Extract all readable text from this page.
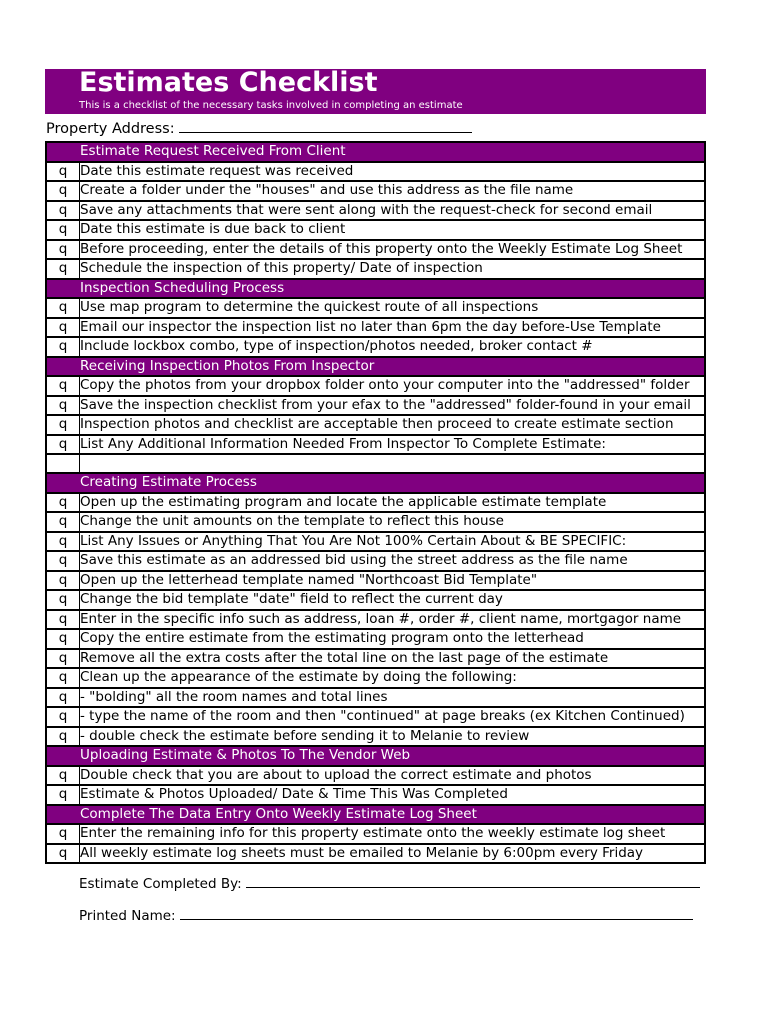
Estimates Checklist
This is a checklist of the necessary tasks involved in completing an estimate
Property Address:
Estimate Request Received From Client
q Date this estimate request was received
q Create a folder under the "houses" and use this address as the file name
q Save any attachments that were sent along with the request-check for second email
q Date this estimate is due back to client
q Before proceeding, enter the details of this property onto the Weekly Estimate Log Sheet
q Schedule the inspection of this property/ Date of inspection
Inspection Scheduling Process
q Use map program to determine the quickest route of all inspections
q Email our inspector the inspection list no later than 6pm the day before-Use Template
q Include lockbox combo, type of inspection/photos needed, broker contact #
Receiving Inspection Photos From Inspector
q Copy the photos from your dropbox folder onto your computer into the "addressed" folder
q Save the inspection checklist from your efax to the "addressed" folder-found in your email
q Inspection photos and checklist are acceptable then proceed to create estimate section
q List Any Additional Information Needed From Inspector To Complete Estimate:
Creating Estimate Process
q Open up the estimating program and locate the applicable estimate template
q Change the unit amounts on the template to reflect this house
q List Any Issues or Anything That You Are Not 100% Certain About & BE SPECIFIC:
q Save this estimate as an addressed bid using the street address as the file name
q Open up the letterhead template named "Northcoast Bid Template"
q Change the bid template "date" field to reflect the current day
q Enter in the specific info such as address, loan #, order #, client name, mortgagor name
q Copy the entire estimate from the estimating program onto the letterhead
q Remove all the extra costs after the total line on the last page of the estimate
q Clean up the appearance of the estimate by doing the following:
q - "bolding" all the room names and total lines
q - type the name of the room and then "continued" at page breaks (ex Kitchen Continued)
q - double check the estimate before sending it to Melanie to review
Uploading Estimate & Photos To The Vendor Web
q Double check that you are about to upload the correct estimate and photos
q Estimate & Photos Uploaded/ Date & Time This Was Completed
Complete The Data Entry Onto Weekly Estimate Log Sheet
q Enter the remaining info for this property estimate onto the weekly estimate log sheet
q All weekly estimate log sheets must be emailed to Melanie by 6:00pm every Friday
Estimate Completed By:
Printed Name:
